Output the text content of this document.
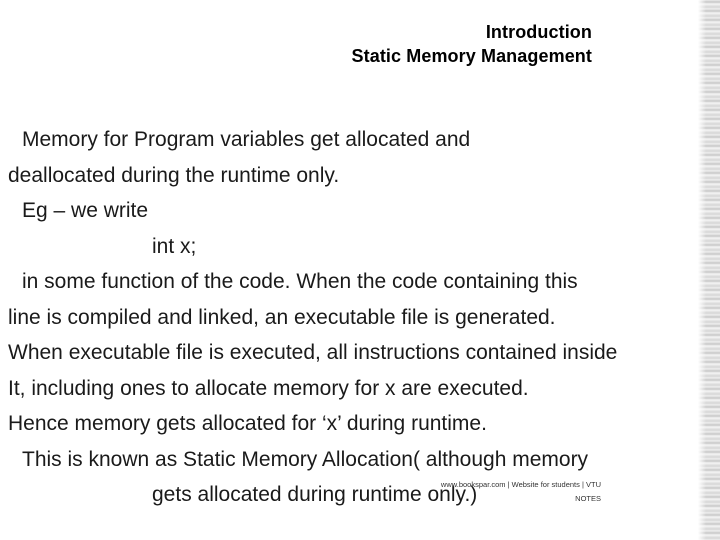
Introduction
Static Memory Management
Memory for Program variables get allocated and
deallocated during the runtime only.
Eg – we write
int x;
in some function of the code. When the code containing this
line is compiled and linked, an executable file is generated.
When executable file is executed, all instructions contained inside
It, including ones to allocate memory for x are executed.
Hence memory gets allocated for ‘x’ during runtime.
This is known as Static Memory Allocation( although memory
gets allocated during runtime only.)
www.bookspar.com | Website for students | VTU
NOTES
